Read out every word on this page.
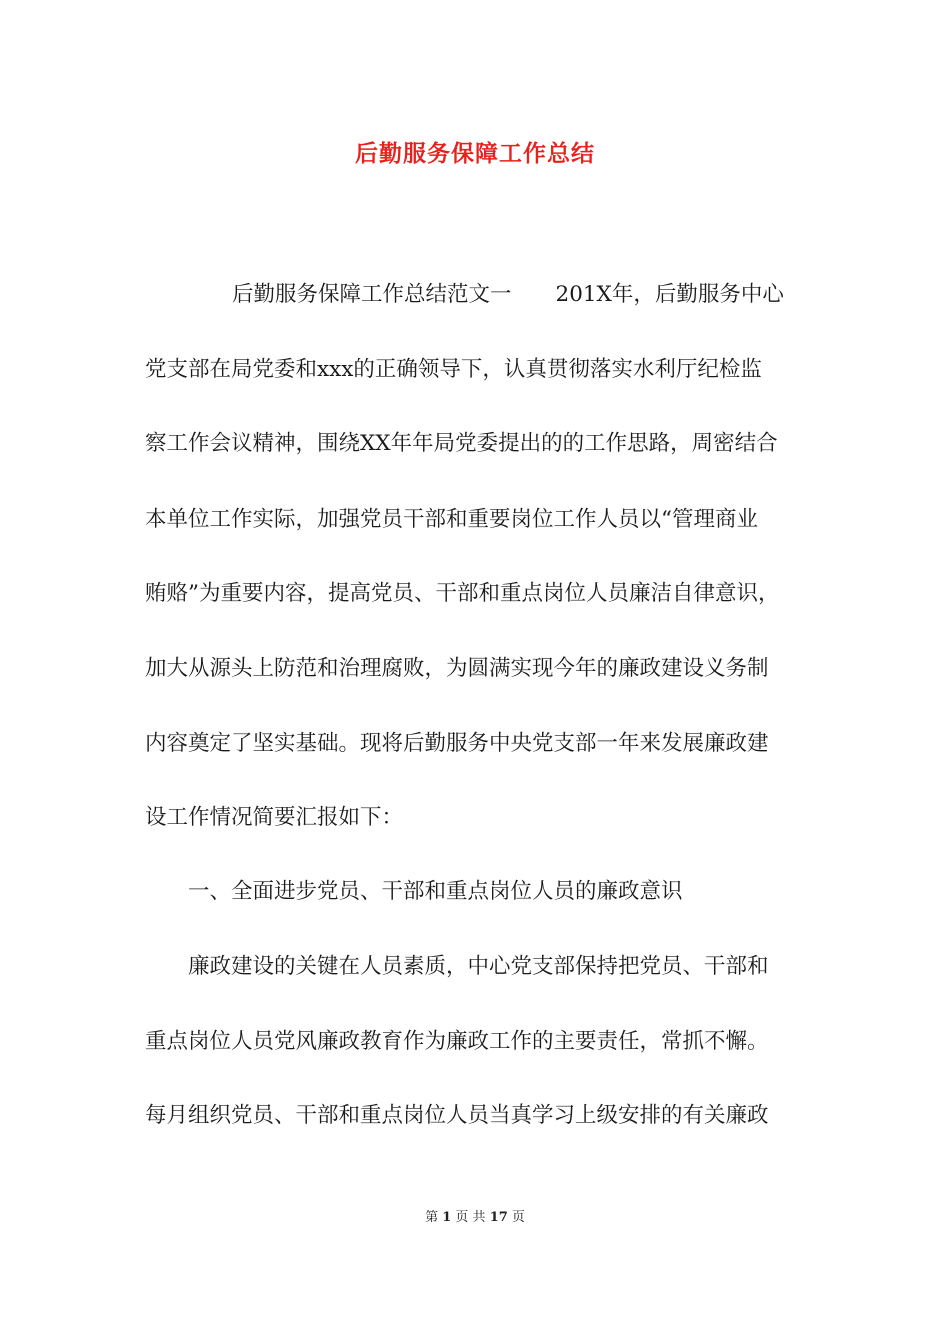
后勤服务保障工作总结

后勤服务保障工作总结范文一 201X年，后勤服务中心

党支部在局党委和xxx的正确领导下，认真贯彻落实水利厅纪检监

察工作会议精神，围绕XX年年局党委提出的的工作思路，周密结合

本单位工作实际，加强党员干部和重要岗位工作人员以“管理商业

贿赂”为重要内容，提高党员、干部和重点岗位人员廉洁自律意识，

加大从源头上防范和治理腐败，为圆满实现今年的廉政建设义务制

内容奠定了坚实基础。现将后勤服务中央党支部一年来发展廉政建

设工作情况简要汇报如下：

一、全面进步党员、干部和重点岗位人员的廉政意识

廉政建设的关键在人员素质，中心党支部保持把党员、干部和

重点岗位人员党风廉政教育作为廉政工作的主要责任，常抓不懈。

每月组织党员、干部和重点岗位人员当真学习上级安排的有关廉政

第 1 页 共 17 页
